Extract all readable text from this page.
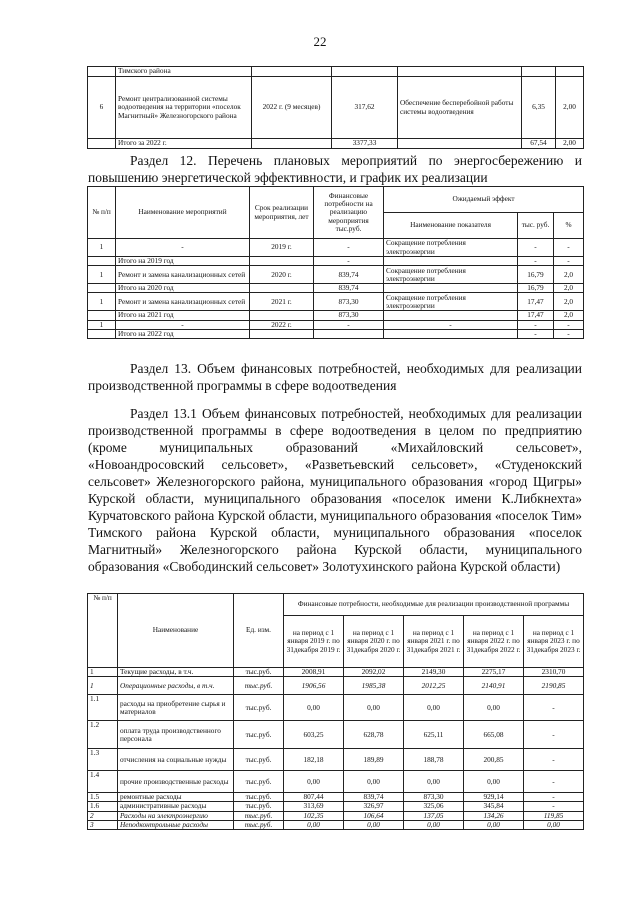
22
	Тимского района					
6	Ремонт централизованной системы водоотведения на территории «поселок Магнитный» Железногорского района	2022 г. (9 месяцев)	317,62	Обеспечение бесперебойной работы системы водоотведения	6,35	2,00
	Итого за 2022 г.		3377,33		67,54	2,00
Раздел 12. Перечень плановых мероприятий по энергосбережению и повышению энергетической эффективности, и график их реализации
№ п/п	Наименование мероприятий	Срок реализации мероприятия, лет	Финансовые потребности на реализацию мероприятия тыс.руб.	Ожидаемый эффект		
				Наименование показателя	тыс. руб.	%
1	-	2019 г.	-	Сокращение потребления электроэнергии	-	-
	Итого на 2019 год		-		-	-
1	Ремонт и замена канализационных сетей	2020 г.	839,74	Сокращение потребления электроэнергии	16,79	2,0
	Итого на 2020 год		839,74		16,79	2,0
1	Ремонт и замена канализационных сетей	2021 г.	873,30	Сокращение потребления электроэнергии	17,47	2,0
	Итого на 2021 год		873,30		17,47	2,0
1	-	2022 г.	-	-	-	-
	Итого на 2022 год				-	-
Раздел 13. Объем финансовых потребностей, необходимых для реализации производственной программы в сфере водоотведения
Раздел 13.1 Объем финансовых потребностей, необходимых для реализации производственной программы в сфере водоотведения в целом по предприятию (кроме муниципальных образований «Михайловский сельсовет», «Новоандросовский сельсовет», «Разветьевский сельсовет», «Студенокский сельсовет» Железногорского района, муниципального образования «город Щигры» Курской области, муниципального образования «поселок имени К.Либкнехта» Курчатовского района Курской области, муниципального образования «поселок Тим» Тимского района Курской области, муниципального образования «поселок Магнитный» Железногорского района Курской области, муниципального образования «Свободинский сельсовет» Золотухинского района Курской области)
№ п/п	Наименование	Ед. изм.	Финансовые потребности, необходимые для реализации производственной программы				
			на период с 1 января 2019 г. по 31декабря 2019 г.	на период с 1 января 2020 г. по 31декабря 2020 г.	на период с 1 января 2021 г. по 31декабря 2021 г.	на период с 1 января 2022 г. по 31декабря 2022 г.	на период с 1 января 2023 г. по 31декабря 2023 г.
1	Текущие расходы, в т.ч.	тыс.руб.	2008,91	2092,02	2149,30	2275,17	2310,70
1	Операционные расходы, в т.ч.	тыс.руб.	1906,56	1985,38	2012,25	2140,91	2190,85
1.1	расходы на приобретение сырья и материалов	тыс.руб.	0,00	0,00	0,00	0,00	-
1.2	оплата труда производственного персонала	тыс.руб.	603,25	628,78	625,11	665,08	-
1.3	отчисления на социальные нужды	тыс.руб.	182,18	189,89	188,78	200,85	-
1.4	прочие производственные расходы	тыс.руб.	0,00	0,00	0,00	0,00	-
1.5	ремонтные расходы	тыс.руб.	807,44	839,74	873,30	929,14	-
1.6	административные расходы	тыс.руб.	313,69	326,97	325,06	345,84	-
2	Расходы на электроэнергию	тыс.руб.	102,35	106,64	137,05	134,26	119,85
3	Неподконтрольные расходы	тыс.руб.	0,00	0,00	0,00	0,00	0,00
